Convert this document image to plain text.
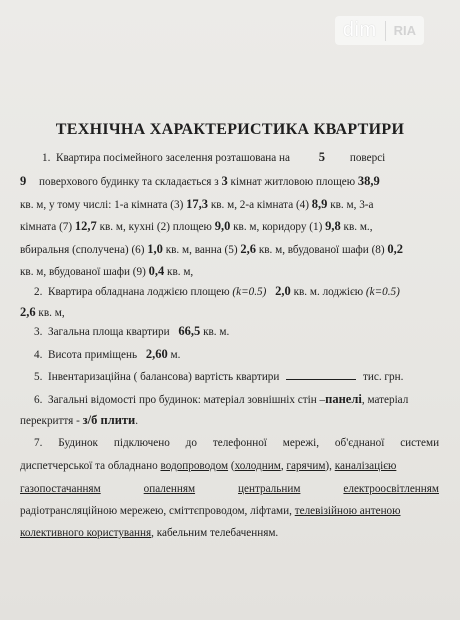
dim RIA
ТЕХНІЧНА ХАРАКТЕРИСТИКА КВАРТИРИ
1.  Квартира посімейного заселення розташована на 5 поверсі
9 поверхового будинку та складається з 3 кімнат житловою площею 38,9
кв. м, у тому числі: 1-а кімната (3) 17,3 кв. м, 2-а кімната (4) 8,9 кв. м, 3-а
кімната (7) 12,7 кв. м, кухні (2) площею 9,0 кв. м, коридору (1) 9,8 кв. м.,
вбиральня (сполучена) (6) 1,0 кв. м, ванна (5) 2,6 кв. м, вбудованої шафи (8) 0,2
кв. м, вбудованої шафи (9) 0,4 кв. м,
2.  Квартира обладнана лоджією площею (k=0.5) 2,0 кв. м. лоджією (k=0.5)
2,6 кв. м,
3.  Загальна площа квартири 66,5 кв. м.
4.  Висота приміщень 2,60 м.
5.  Інвентаризаційна ( балансова) вартість квартири	тис. грн.
6.  Загальні відомості про будинок: матеріал зовнішніх стін –панелі, матеріал
перекриття - з/б плити.
7. Будинок підключено до телефонної мережі, об'єднаної системи
диспетчерської та обладнано водопроводом (холодним, гарячим), каналізацією
газопостачанням	опаленням	центральним	електроосвітленням
радіотрансляційною мережею, сміттєпроводом, ліфтами, телевізійною антеною
колективного користування, кабельним телебаченням.
